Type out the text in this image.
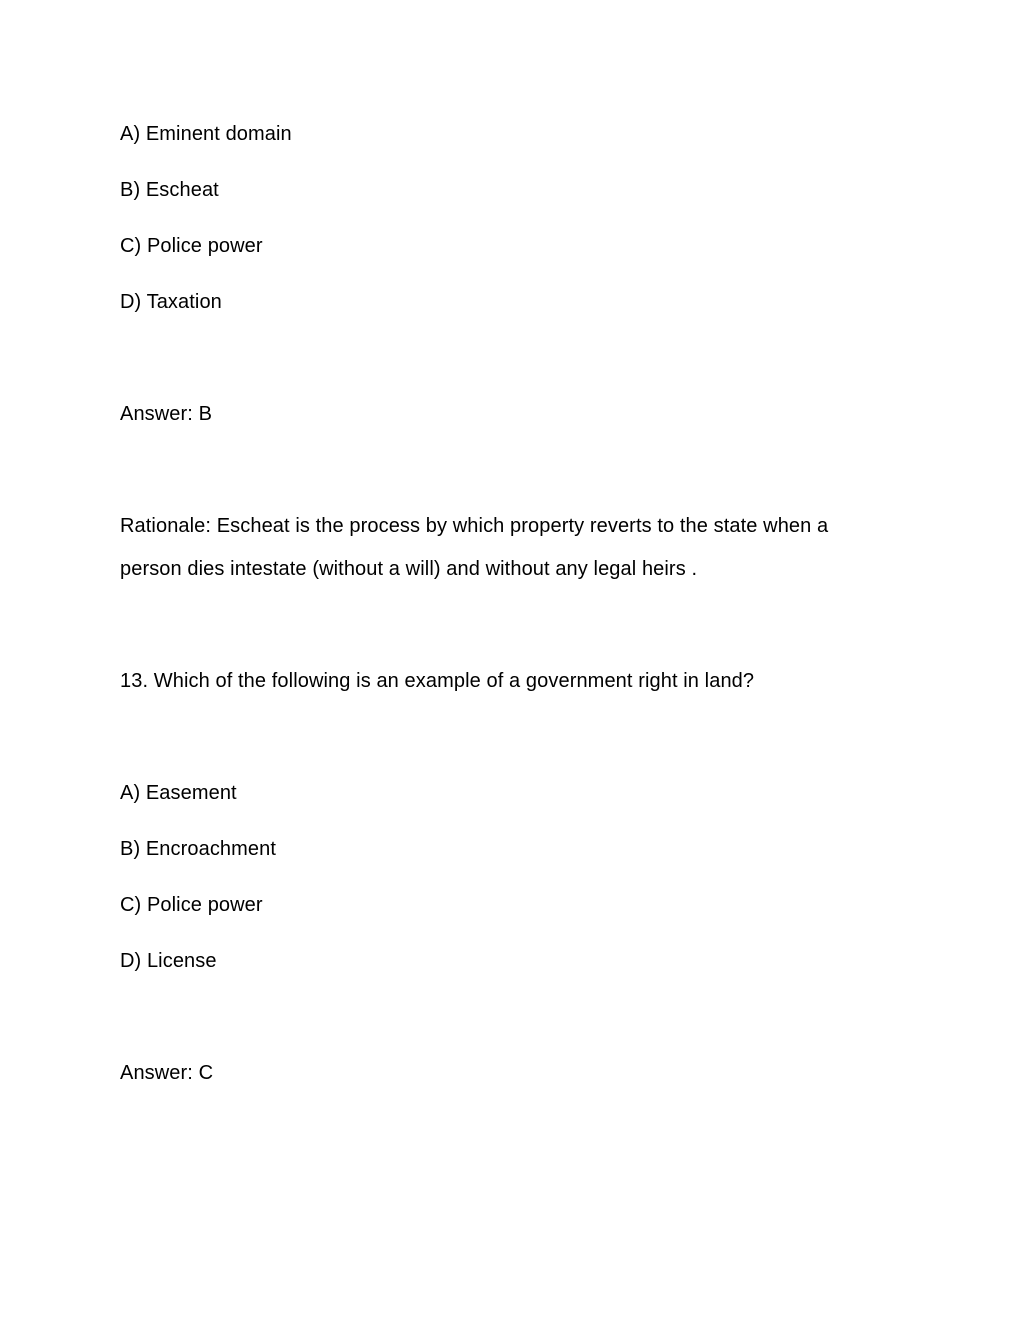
A) Eminent domain
B) Escheat
C) Police power
D) Taxation
Answer: B
Rationale: Escheat is the process by which property reverts to the state when a
person dies intestate (without a will) and without any legal heirs .
13. Which of the following is an example of a government right in land?
A) Easement
B) Encroachment
C) Police power
D) License
Answer: C
